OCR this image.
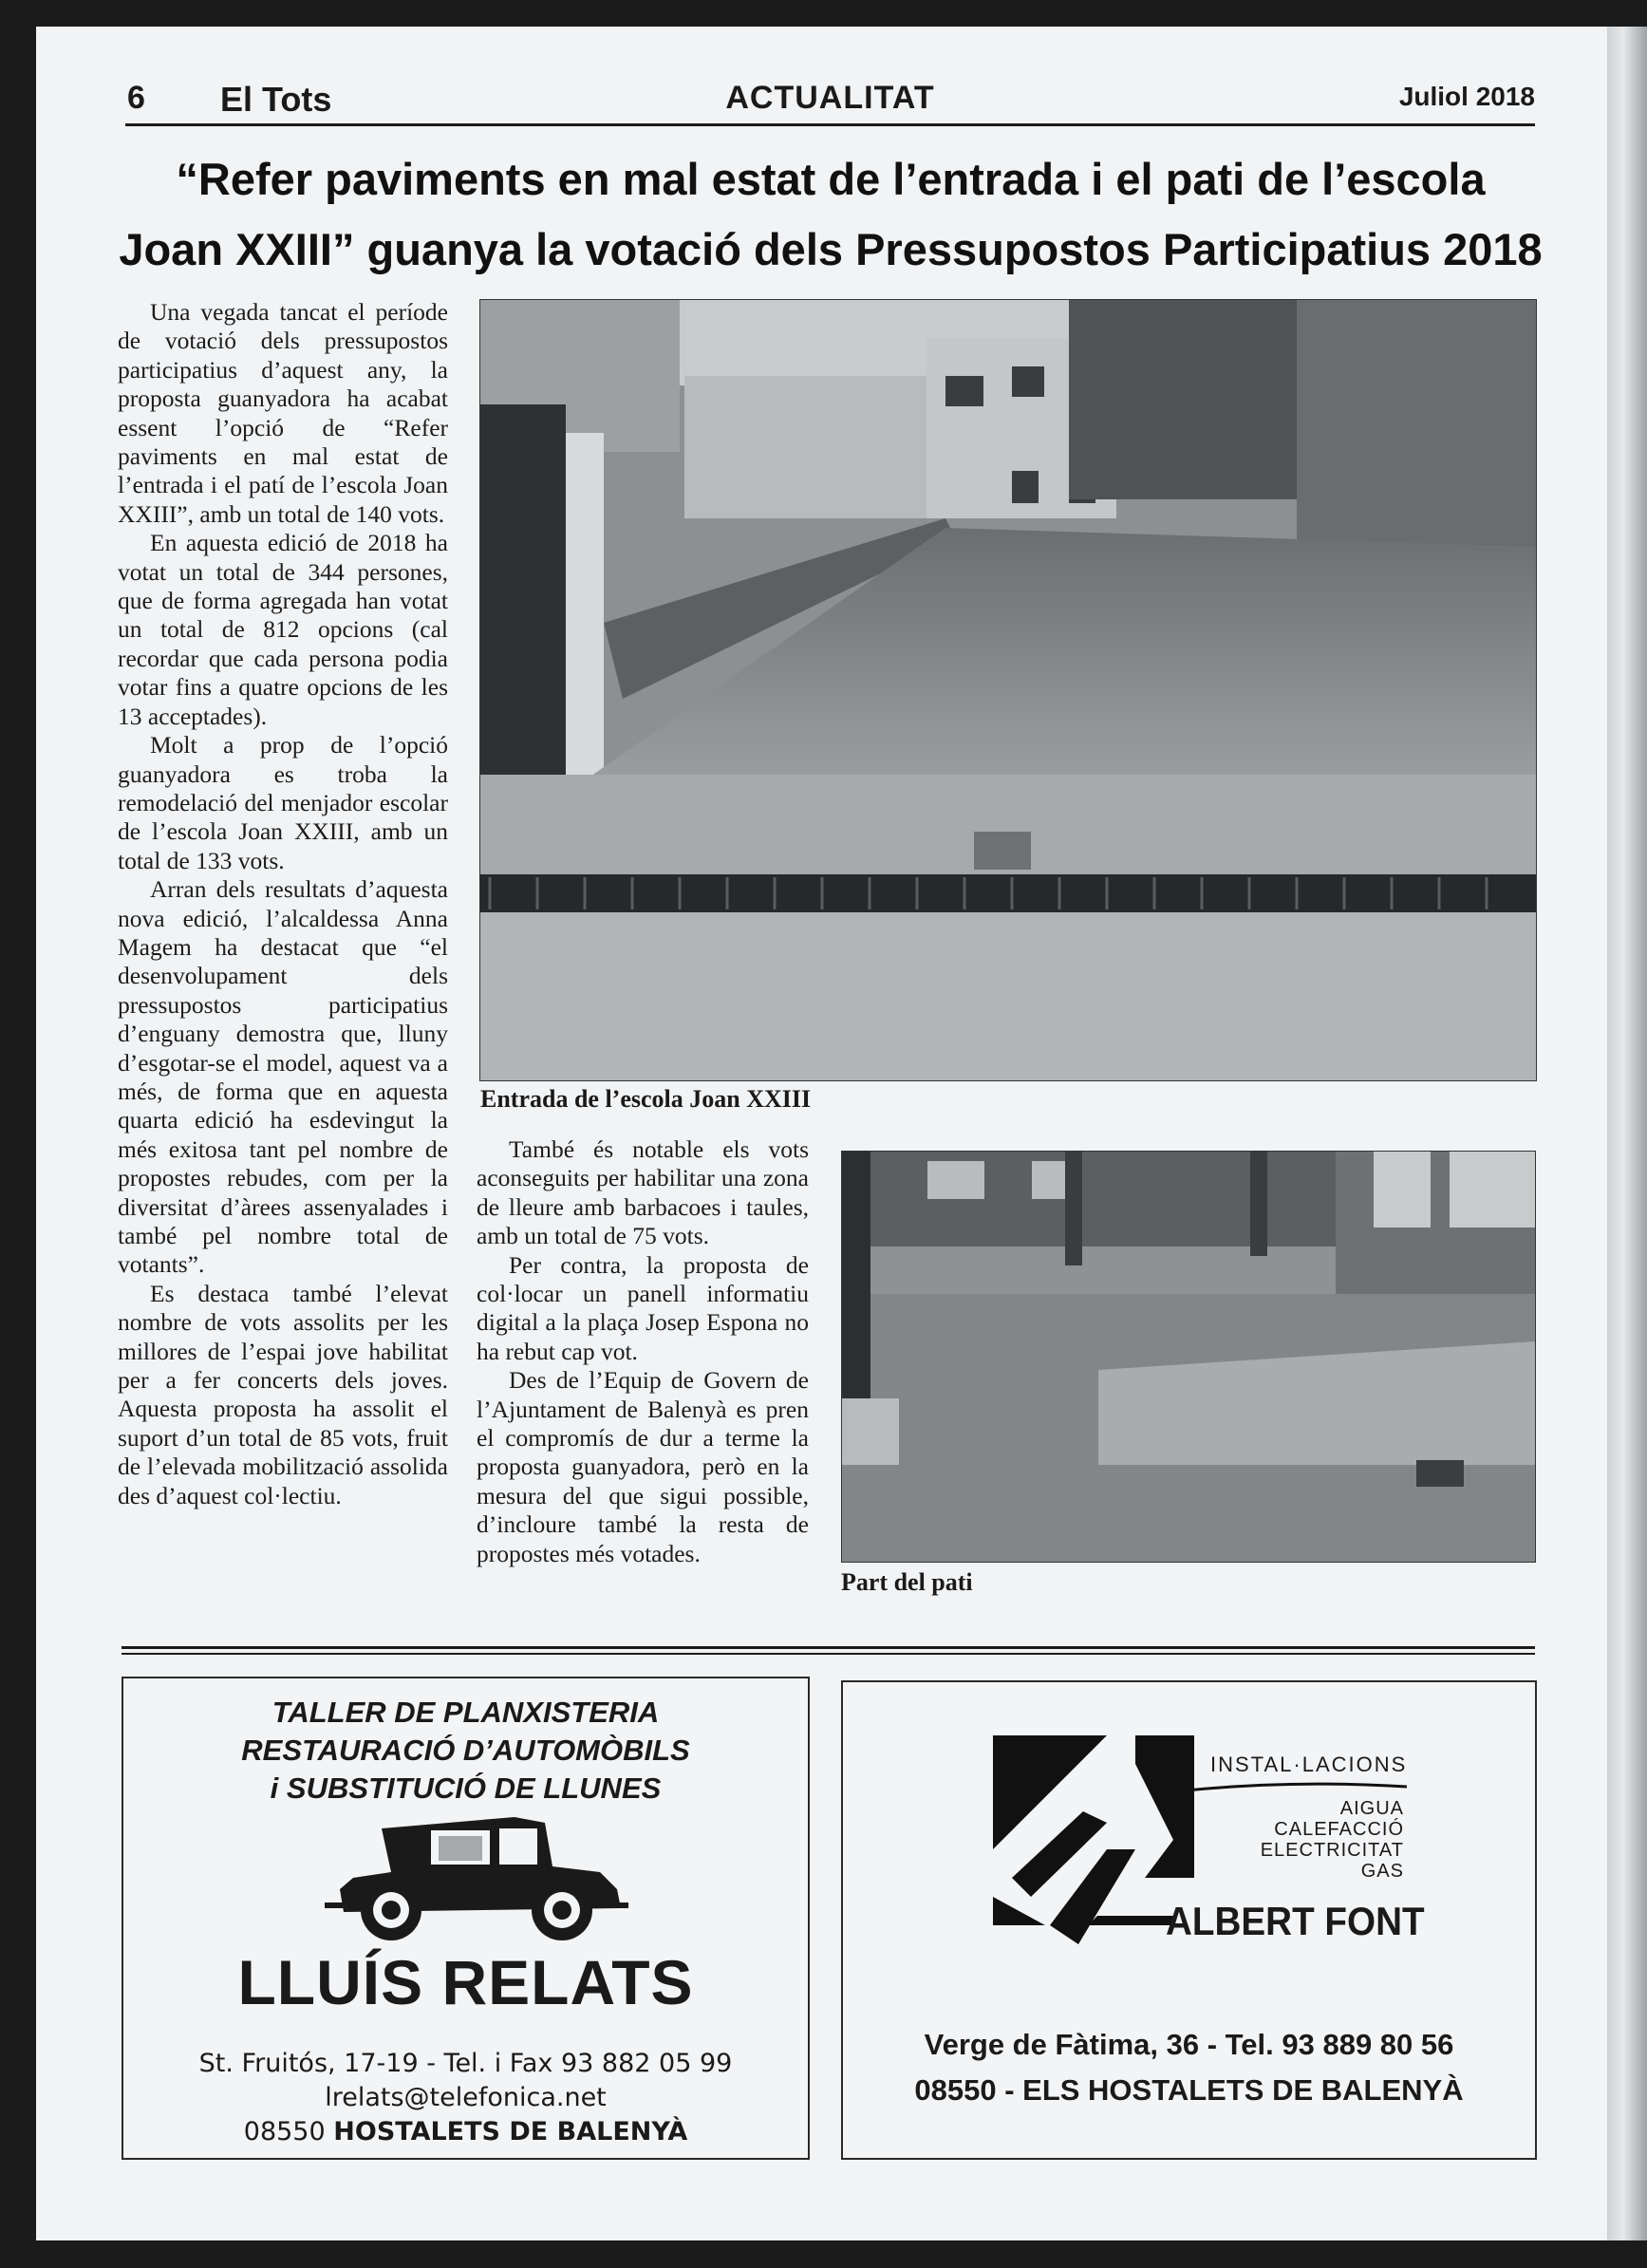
6 El Tots	ACTUALITAT	Juliol 2018
“Refer paviments en mal estat de l’entrada i el pati de l’escola
Joan XXIII” guanya la votació dels Pressupostos Participatius 2018

Una vegada tancat el període de votació dels pressupostos participatius d’aquest any, la proposta guanyadora ha acabat essent l’opció de “Refer paviments en mal estat de l’entrada i el patí de l’escola Joan XXIII”, amb un total de 140 vots.

En aquesta edició de 2018 ha votat un total de 344 persones, que de forma agregada han votat un total de 812 opcions (cal recordar que cada persona podia votar fins a quatre opcions de les 13 acceptades).

Molt a prop de l’opció guanyadora es troba la remodelació del menjador escolar de l’escola Joan XXIII, amb un total de 133 vots.

Arran dels resultats d’aquesta nova edició, l’alcaldessa Anna Magem ha destacat que “el desenvolupament dels pressupostos participatius d’enguany demostra que, lluny d’esgotar-se el model, aquest va a més, de forma que en aquesta quarta edició ha esdevingut la més exitosa tant pel nombre de propostes rebudes, com per la diversitat d’àrees assenyalades i també pel nombre total de votants”.

Es destaca també l’elevat nombre de vots assolits per les millores de l’espai jove habilitat per a fer concerts dels joves. Aquesta proposta ha assolit el suport d’un total de 85 vots, fruit de l’elevada mobilització assolida des d’aquest col·lectiu.

Entrada de l’escola Joan XXIII

També és notable els vots aconseguits per habilitar una zona de lleure amb barbacoes i taules, amb un total de 75 vots.

Per contra, la proposta de col·locar un panell informatiu digital a la plaça Josep Espona no ha rebut cap vot.

Des de l’Equip de Govern de l’Ajuntament de Balenyà es pren el compromís de dur a terme la proposta guanyadora, però en la mesura del que sigui possible, d’incloure també la resta de propostes més votades.

Part del pati
TALLER DE PLANXISTERIA
RESTAURACIÓ D’AUTOMÒBILS
i SUBSTITUCIÓ DE LLUNES
LLUÍS RELATS
St. Fruitós, 17-19 - Tel. i Fax 93 882 05 99
lrelats@telefonica.net
08550 HOSTALETS DE BALENYÀ
INSTAL·LACIONS
AIGUA
CALEFACCIÓ
ELECTRICITAT
GAS
ALBERT FONT
Verge de Fàtima, 36 - Tel. 93 889 80 56
08550 - ELS HOSTALETS DE BALENYÀ
